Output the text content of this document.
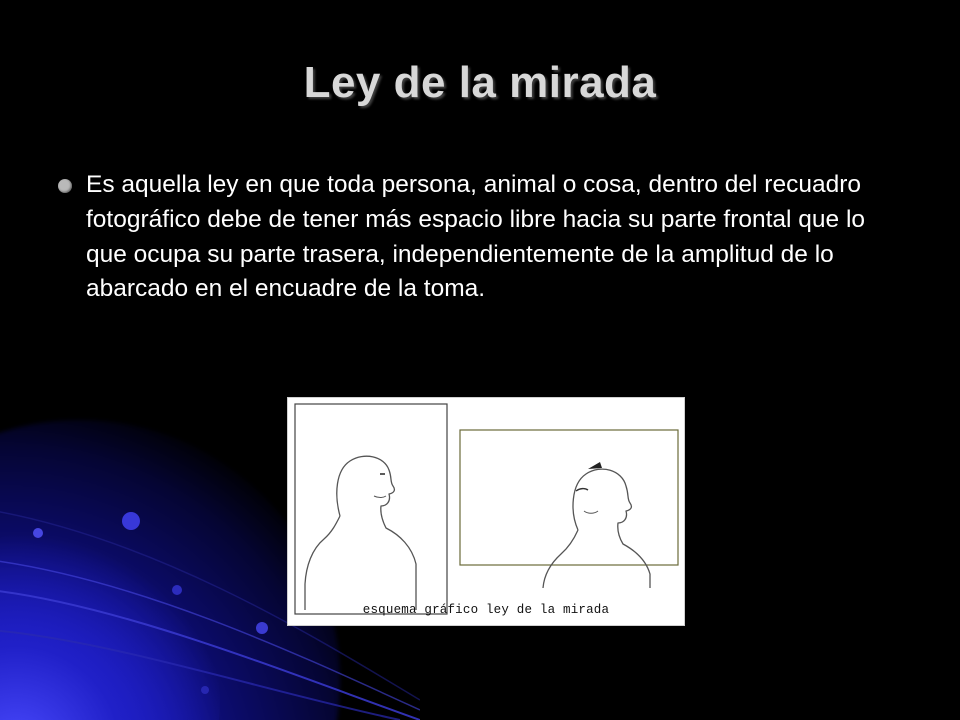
Ley de la mirada
Es aquella ley en que toda persona, animal o cosa, dentro del recuadro fotográfico debe de tener más espacio libre hacia su parte frontal que lo que ocupa su parte trasera, independientemente de la amplitud de lo abarcado en el encuadre de la toma.
esquema gráfico ley de la mirada
